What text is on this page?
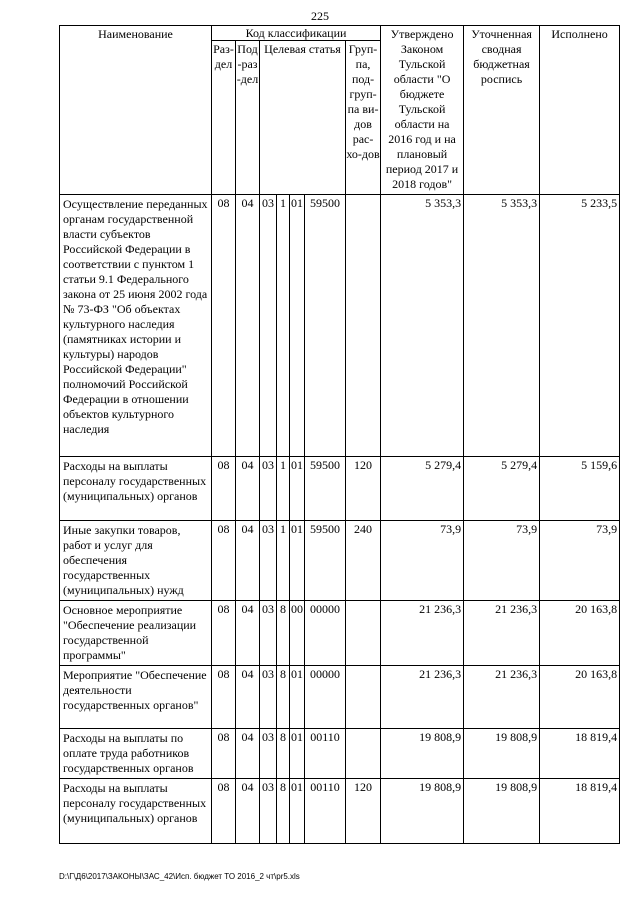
225
Наименование	Код классификации							Утверждено Законом Тульской области "О бюджете Тульской области на 2016 год и на плановый период 2017 и 2018 годов"	Уточненная сводная бюджетная роспись	Исполнено
	Раз-дел	Под-раз-дел	Целевая статья				Груп-па, под-груп-па ви-дов рас-хо-дов			
Осуществление переданных органам государственной власти субъектов Российской Федерации в соответствии с пунктом 1 статьи 9.1 Федерального закона от 25 июня 2002 года № 73-ФЗ "Об объектах культурного наследия (памятниках истории и культуры) народов Российской Федерации" полномочий Российской Федерации в отношении объектов культурного наследия	08	04	03	1	01	59500		5 353,3	5 353,3	5 233,5
Расходы на выплаты персоналу государственных (муниципальных) органов	08	04	03	1	01	59500	120	5 279,4	5 279,4	5 159,6
Иные закупки товаров, работ и услуг для обеспечения государственных (муниципальных) нужд	08	04	03	1	01	59500	240	73,9	73,9	73,9
Основное мероприятие "Обеспечение реализации государственной программы"	08	04	03	8	00	00000		21 236,3	21 236,3	20 163,8
Мероприятие "Обеспечение деятельности государственных органов"	08	04	03	8	01	00000		21 236,3	21 236,3	20 163,8
Расходы на выплаты по оплате труда работников государственных органов	08	04	03	8	01	00110		19 808,9	19 808,9	18 819,4
Расходы на выплаты персоналу государственных (муниципальных) органов	08	04	03	8	01	00110	120	19 808,9	19 808,9	18 819,4
D:\Г\Д6\2017\ЗАКОНЫ\ЗАС_42\Исп. бюджет ТО 2016_2 чт\pr5.xls
